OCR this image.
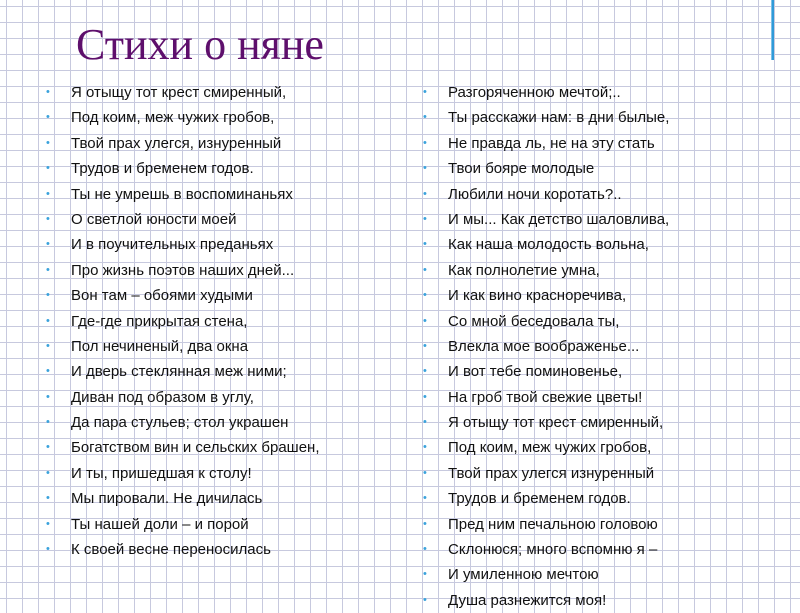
Стихи о няне
• Я отыщу тот крест смиренный,
• Под коим, меж чужих гробов,
• Твой прах улегся, изнуренный
• Трудов и бременем годов.
• Ты не умрешь в воспоминаньях
• О светлой юности моей
• И в поучительных преданьях
• Про жизнь поэтов наших дней...
• Вон там – обоями худыми
• Где-где прикрытая стена,
• Пол нечиненый, два окна
• И дверь стеклянная меж ними;
• Диван под образом в углу,
• Да пара стульев; стол украшен
• Богатством вин и сельских брашен,
• И ты, пришедшая к столу!
• Мы пировали. Не дичилась
• Ты нашей доли – и порой
• К своей весне переносилась
• Разгоряченною мечтой;..
• Ты расскажи нам: в дни былые,
• Не правда ль, не на эту стать
• Твои бояре молодые
• Любили ночи коротать?..
• И мы... Как детство шаловлива,
• Как наша молодость вольна,
• Как полнолетие умна,
• И как вино красноречива,
• Со мной беседовала ты,
• Влекла мое воображенье...
• И вот тебе поминовенье,
• На гроб твой свежие цветы!
• Я отыщу тот крест смиренный,
• Под коим, меж чужих гробов,
• Твой прах улегся изнуренный
• Трудов и бременем годов.
• Пред ним печальною головою
• Склонюся; много вспомню я –
• И умиленною мечтою
• Душа разнежится моя!
